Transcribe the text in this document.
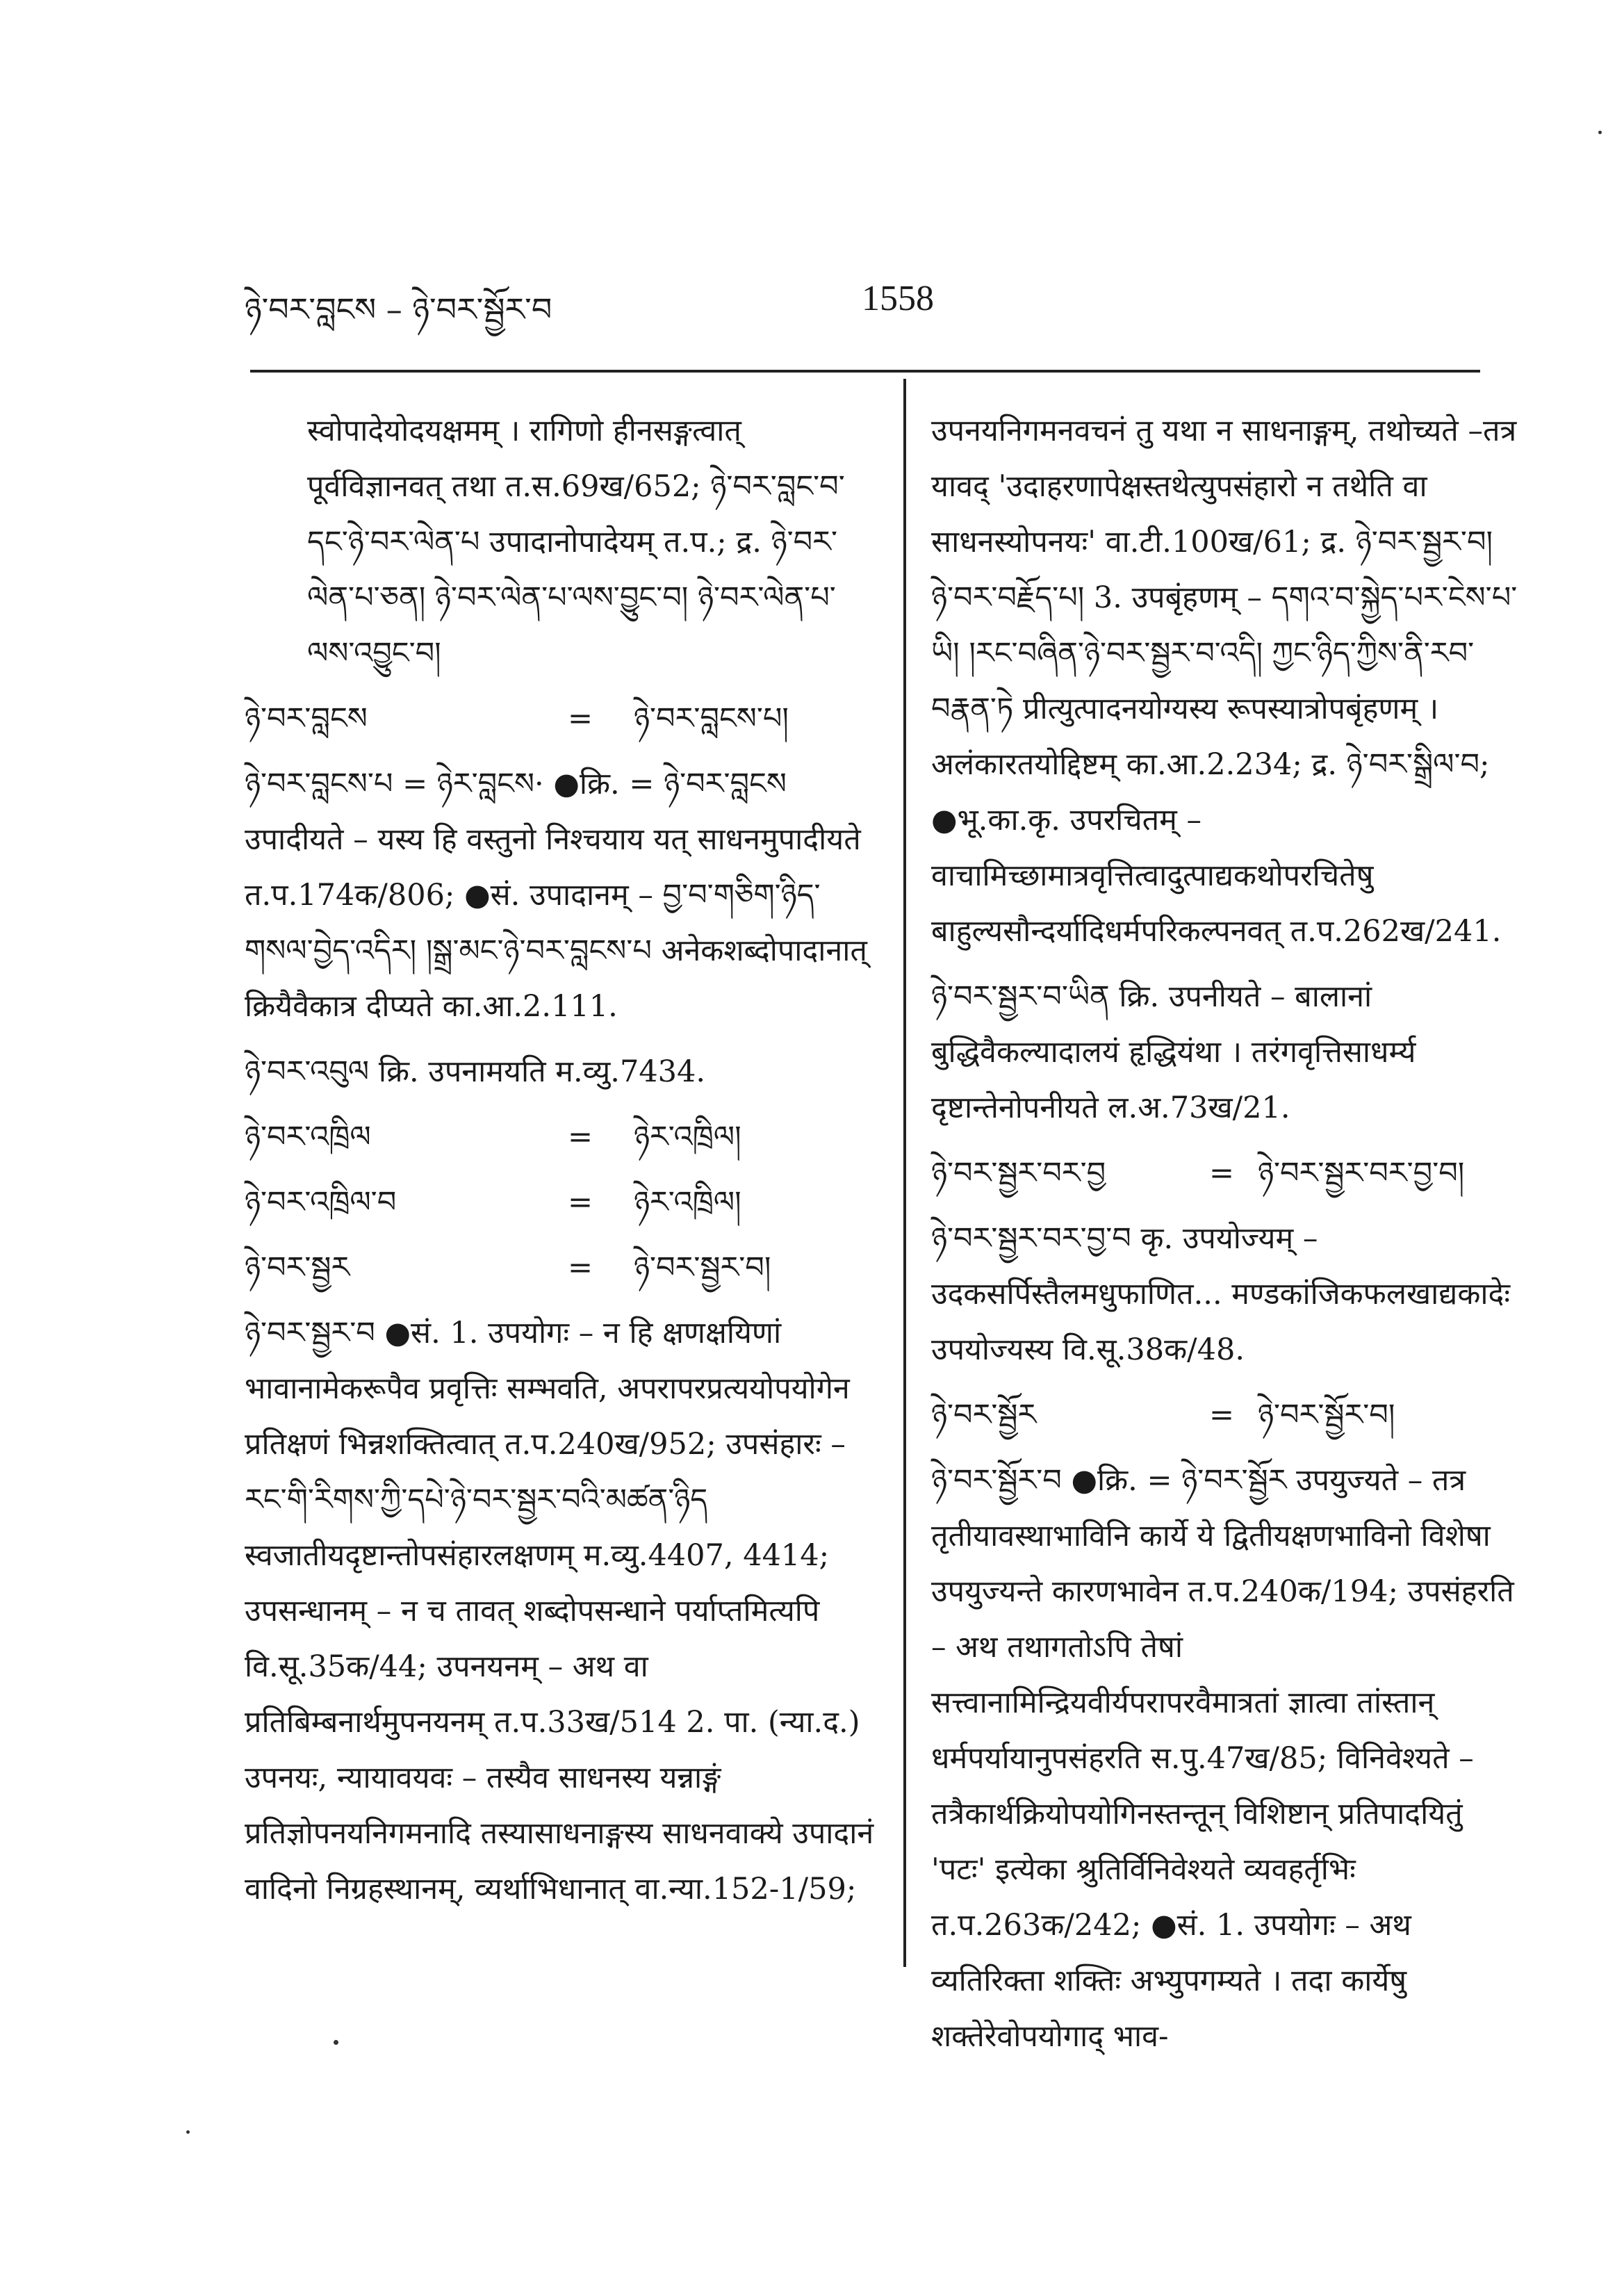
ཉེ་བར་བླངས – ཉེ་བར་སྦྱོར་བ	1558

स्वोपादेयोदयक्षमम् । रागिणो हीनसङ्गत्वात् पूर्वविज्ञानवत् तथा त.स.69ख/652; ཉེ་བར་བླང་བ་དང་ཉེ་བར་ལེན་པ उपादानोपादेयम् त.प.; द्र. ཉེ་བར་ལེན་པ་ཅན། ཉེ་བར་ལེན་པ་ལས་བྱུང་བ། ཉེ་བར་ལེན་པ་ལས་འབྱུང་བ།

ཉེ་བར་བླངས	=	ཉེ་བར་བླངས་པ།
ཉེ་བར་བླངས་པ = ཉེར་བླངས· ●क्रि. = ཉེ་བར་བླངས उपादीयते – यस्य हि वस्तुनो निश्चयाय यत् साधनमुपादीयते त.प.174क/806; ●सं. उपादानम् – བྱ་བ་གཅིག་ཉིད་གསལ་བྱེད་འདིར། །སྒྲ་མང་ཉེ་བར་བླངས་པ अनेकशब्दोपादानात् क्रियैवैकात्र दीप्यते का.आ.2.111.
ཉེ་བར་འབུལ क्रि. उपनामयति म.व्यु.7434.
ཉེ་བར་འཁྲིལ	=	ཉེར་འཁྲིལ།
ཉེ་བར་འཁྲིལ་བ	=	ཉེར་འཁྲིལ།
ཉེ་བར་སྦྱར	=	ཉེ་བར་སྦྱར་བ།
ཉེ་བར་སྦྱར་བ ●सं. 1. उपयोगः – न हि क्षणक्षयिणां भावानामेकरूपैव प्रवृत्तिः सम्भवति, अपरापरप्रत्ययोपयोगेन प्रतिक्षणं भिन्नशक्तित्वात् त.प.240ख/952; उपसंहारः – རང་གི་རིགས་ཀྱི་དཔེ་ཉེ་བར་སྦྱར་བའི་མཚན་ཉིད स्वजातीयदृष्टान्तोपसंहारलक्षणम् म.व्यु.4407, 4414; उपसन्धानम् – न च तावत् शब्दोपसन्धाने पर्याप्तमित्यपि वि.सू.35क/44; उपनयनम् – अथ वा प्रतिबिम्बनार्थमुपनयनम् त.प.33ख/514 2. पा. (न्या.द.) उपनयः, न्यायावयवः – तस्यैव साधनस्य यन्नाङ्गं प्रतिज्ञोपनयनिगमनादि तस्यासाधनाङ्गस्य साधनवाक्ये उपादानं वादिनो निग्रहस्थानम्, व्यर्थाभिधानात् वा.न्या.152-1/59;

उपनयनिगमनवचनं तु यथा न साधनाङ्गम्, तथोच्यते –तत्र यावद् 'उदाहरणापेक्षस्तथेत्युपसंहारो न तथेति वा साधनस्योपनयः' वा.टी.100ख/61; द्र. ཉེ་བར་སྦྱར་བ། ཉེ་བར་བརྗོད་པ། 3. उपबृंहणम् – དགའ་བ་སྐྱེད་པར་ངེས་པ་ཡི། །རང་བཞིན་ཉེ་བར་སྦྱར་བ་འདི། ཀྱང་ཉིད་ཀྱིས་ནི་རབ་བརྣན་ཏེ प्रीत्युत्पादनयोग्यस्य रूपस्यात्रोपबृंहणम् । अलंकारतयोद्दिष्टम् का.आ.2.234; द्र. ཉེ་བར་སྒྲིལ་བ; ●भू.का.कृ. उपरचितम् – वाचामिच्छामात्रवृत्तित्वादुत्पाद्यकथोपरचितेषु बाहुल्यसौन्दर्यादिधर्मपरिकल्पनवत् त.प.262ख/241.

ཉེ་བར་སྦྱར་བ་ཡིན क्रि. उपनीयते – बालानां बुद्धिवैकल्यादालयं हृद्धियंथा । तरंगवृत्तिसाधर्म्य दृष्टान्तेनोपनीयते ल.अ.73ख/21.
ཉེ་བར་སྦྱར་བར་བྱ	= ཉེ་བར་སྦྱར་བར་བྱ་བ།
ཉེ་བར་སྦྱར་བར་བྱ་བ कृ. उपयोज्यम् – उदकसर्पिस्तैलमधुफाणित... मण्डकांजिकफलखाद्यकादेः उपयोज्यस्य वि.सू.38क/48.
ཉེ་བར་སྦྱོར	= ཉེ་བར་སྦྱོར་བ།
ཉེ་བར་སྦྱོར་བ ●क्रि. = ཉེ་བར་སྦྱོར उपयुज्यते – तत्र तृतीयावस्थाभाविनि कार्ये ये द्वितीयक्षणभाविनो विशेषा उपयुज्यन्ते कारणभावेन त.प.240क/194; उपसंहरति – अथ तथागतोऽपि तेषां सत्त्वानामिन्द्रियवीर्यपरापरवैमात्रतां ज्ञात्वा तांस्तान् धर्मपर्यायानुपसंहरति स.पु.47ख/85; विनिवेश्यते – तत्रैकार्थक्रियोपयोगिनस्तन्तून् विशिष्टान् प्रतिपादयितुं 'पटः' इत्येका श्रुतिर्विनिवेश्यते व्यवहर्तृभिः त.प.263क/242; ●सं. 1. उपयोगः – अथ व्यतिरिक्ता शक्तिः अभ्युपगम्यते । तदा कार्येषु शक्तेरेवोपयोगाद् भाव-
